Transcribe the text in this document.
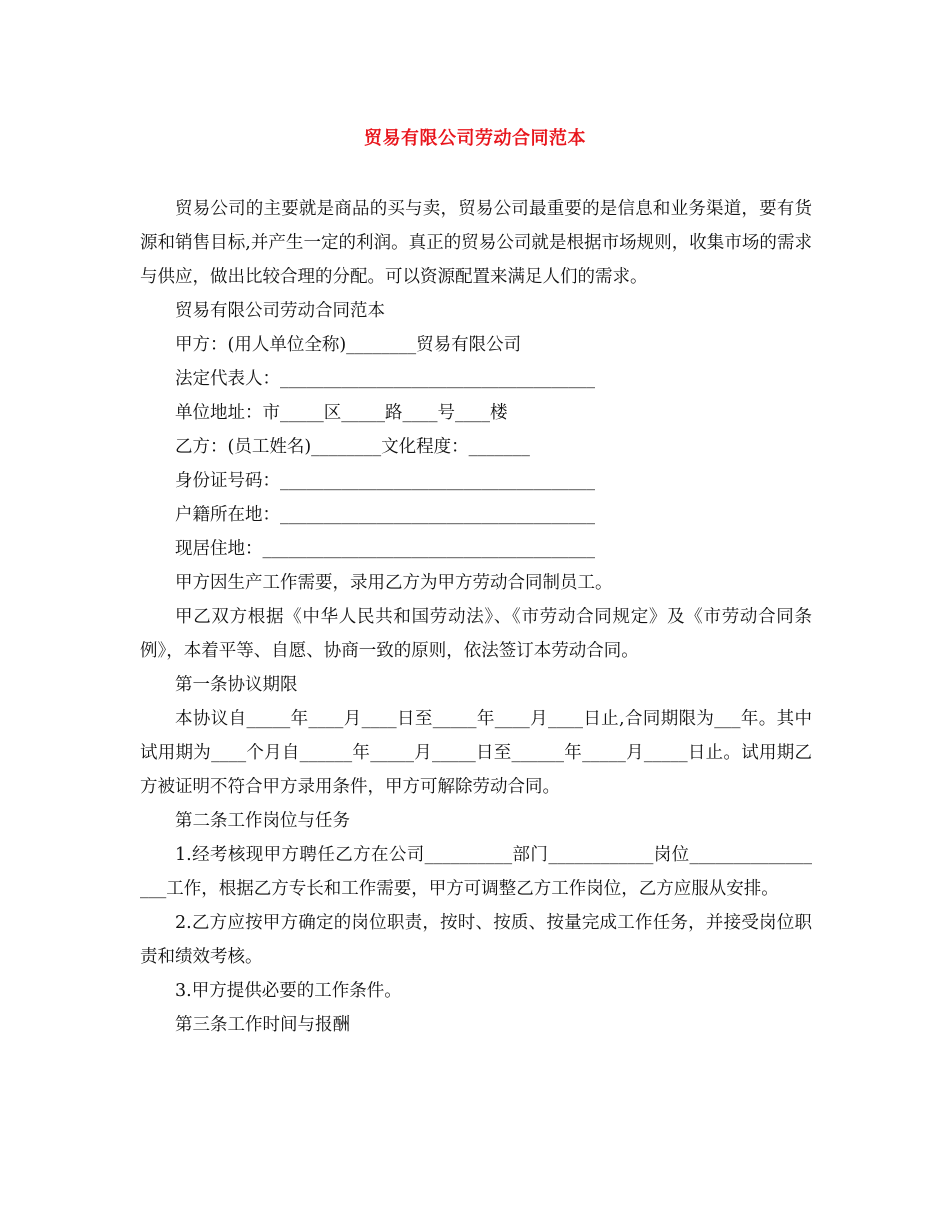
贸易有限公司劳动合同范本

贸易公司的主要就是商品的买与卖，贸易公司最重要的是信息和业务渠道，要有货源和销售目标,并产生一定的利润。真正的贸易公司就是根据市场规则，收集市场的需求与供应，做出比较合理的分配。可以资源配置来满足人们的需求。

贸易有限公司劳动合同范本

甲方：(用人单位全称)________贸易有限公司

法定代表人：____________________________________

单位地址：市_____区_____路____号____楼

乙方：(员工姓名)________文化程度：_______

身份证号码：____________________________________

户籍所在地：____________________________________

现居住地：______________________________________

甲方因生产工作需要，录用乙方为甲方劳动合同制员工。

甲乙双方根据《中华人民共和国劳动法》、《市劳动合同规定》及《市劳动合同条例》，本着平等、自愿、协商一致的原则，依法签订本劳动合同。

第一条协议期限

本协议自_____年____月____日至_____年____月____日止,合同期限为___年。其中试用期为____个月自______年_____月_____日至______年_____月_____日止。试用期乙方被证明不符合甲方录用条件，甲方可解除劳动合同。

第二条工作岗位与任务

1.经考核现甲方聘任乙方在公司__________部门____________岗位_________________工作，根据乙方专长和工作需要，甲方可调整乙方工作岗位，乙方应服从安排。

2.乙方应按甲方确定的岗位职责，按时、按质、按量完成工作任务，并接受岗位职责和绩效考核。

3.甲方提供必要的工作条件。

第三条工作时间与报酬
